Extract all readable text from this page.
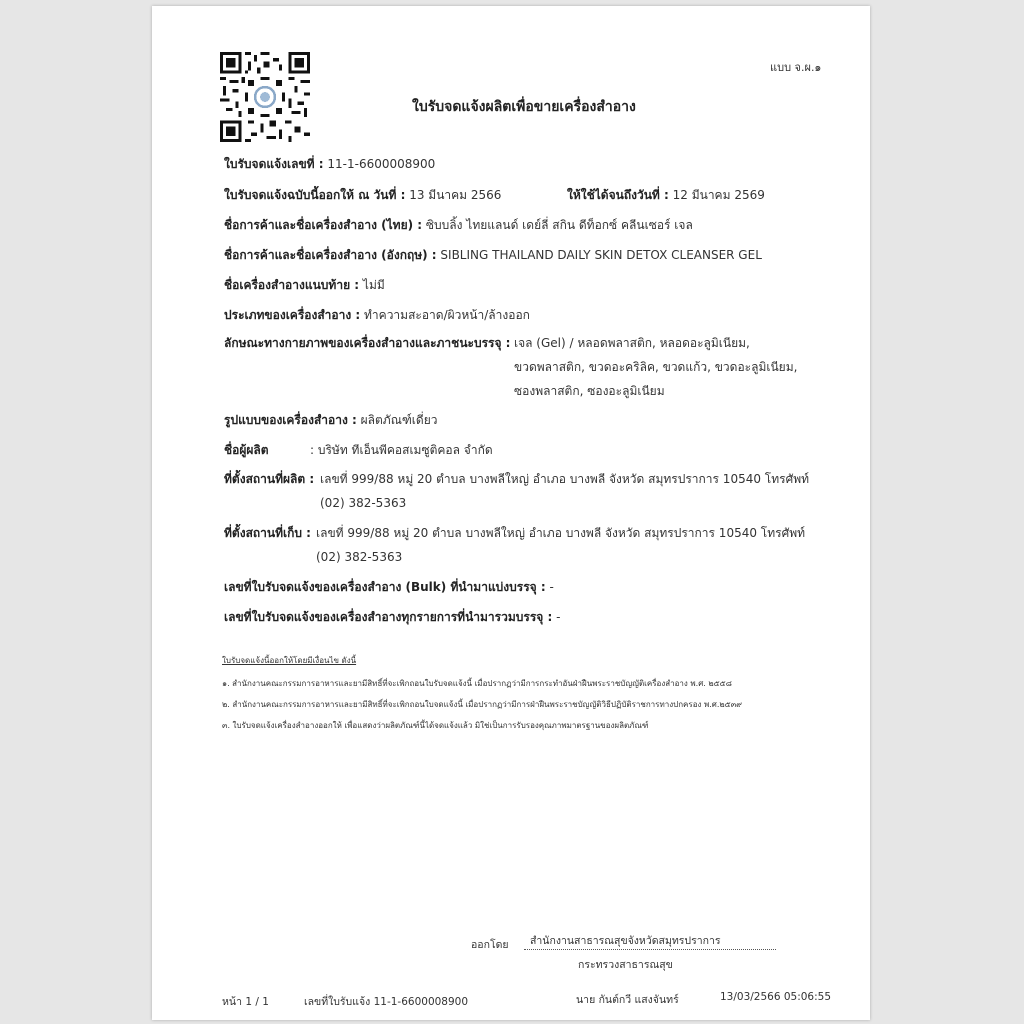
แบบ จ.ผ.๑
ใบรับจดแจ้งผลิตเพื่อขายเครื่องสำอาง
ใบรับจดแจ้งเลขที่ : 11-1-6600008900
ใบรับจดแจ้งฉบับนี้ออกให้ ณ วันที่ : 13 มีนาคม 2566	ให้ใช้ได้จนถึงวันที่ : 12 มีนาคม 2569
ชื่อการค้าและชื่อเครื่องสำอาง (ไทย) : ซิบบลิ้ง ไทยแลนด์ เดย์ลี่ สกิน ดีท็อกซ์ คลีนเซอร์ เจล
ชื่อการค้าและชื่อเครื่องสำอาง (อังกฤษ) : SIBLING THAILAND DAILY SKIN DETOX CLEANSER GEL
ชื่อเครื่องสำอางแนบท้าย : ไม่มี
ประเภทของเครื่องสำอาง : ทำความสะอาด/ผิวหน้า/ล้างออก
ลักษณะทางกายภาพของเครื่องสำอางและภาชนะบรรจุ : เจล (Gel) / หลอดพลาสติก, หลอดอะลูมิเนียม,
ขวดพลาสติก, ขวดอะคริลิค, ขวดแก้ว, ขวดอะลูมิเนียม,
ซองพลาสติก, ซองอะลูมิเนียม
รูปแบบของเครื่องสำอาง : ผลิตภัณฑ์เดี่ยว
ชื่อผู้ผลิต	: บริษัท ทีเอ็นพีคอสเมซูติคอล จำกัด
ที่ตั้งสถานที่ผลิต : เลขที่ 999/88 หมู่ 20 ตำบล บางพลีใหญ่ อำเภอ บางพลี จังหวัด สมุทรปราการ 10540 โทรศัพท์
(02) 382-5363
ที่ตั้งสถานที่เก็บ : เลขที่ 999/88 หมู่ 20 ตำบล บางพลีใหญ่ อำเภอ บางพลี จังหวัด สมุทรปราการ 10540 โทรศัพท์
(02) 382-5363
เลขที่ใบรับจดแจ้งของเครื่องสำอาง (Bulk) ที่นำมาแบ่งบรรจุ : -
เลขที่ใบรับจดแจ้งของเครื่องสำอางทุกรายการที่นำมารวมบรรจุ : -
ใบรับจดแจ้งนี้ออกให้โดยมีเงื่อนไข ดังนี้
๑. สำนักงานคณะกรรมการอาหารและยามีสิทธิ์ที่จะเพิกถอนใบรับจดแจ้งนี้ เมื่อปรากฏว่ามีการกระทำอันฝ่าฝืนพระราชบัญญัติเครื่องสำอาง พ.ศ. ๒๕๕๘
๒. สำนักงานคณะกรรมการอาหารและยามีสิทธิ์ที่จะเพิกถอนใบจดแจ้งนี้ เมื่อปรากฏว่ามีการฝ่าฝืนพระราชบัญญัติวิธีปฏิบัติราชการทางปกครอง พ.ศ.๒๕๓๙
๓. ใบรับจดแจ้งเครื่องสำอางออกให้ เพื่อแสดงว่าผลิตภัณฑ์นี้ได้จดแจ้งแล้ว มิใช่เป็นการรับรองคุณภาพมาตรฐานของผลิตภัณฑ์
ออกโดย	สำนักงานสาธารณสุขจังหวัดสมุทรปราการ
กระทรวงสาธารณสุข
หน้า 1 / 1	เลขที่ใบรับแจ้ง 11-1-6600008900	นาย กันต์กวี แสงจันทร์	13/03/2566 05:06:55
